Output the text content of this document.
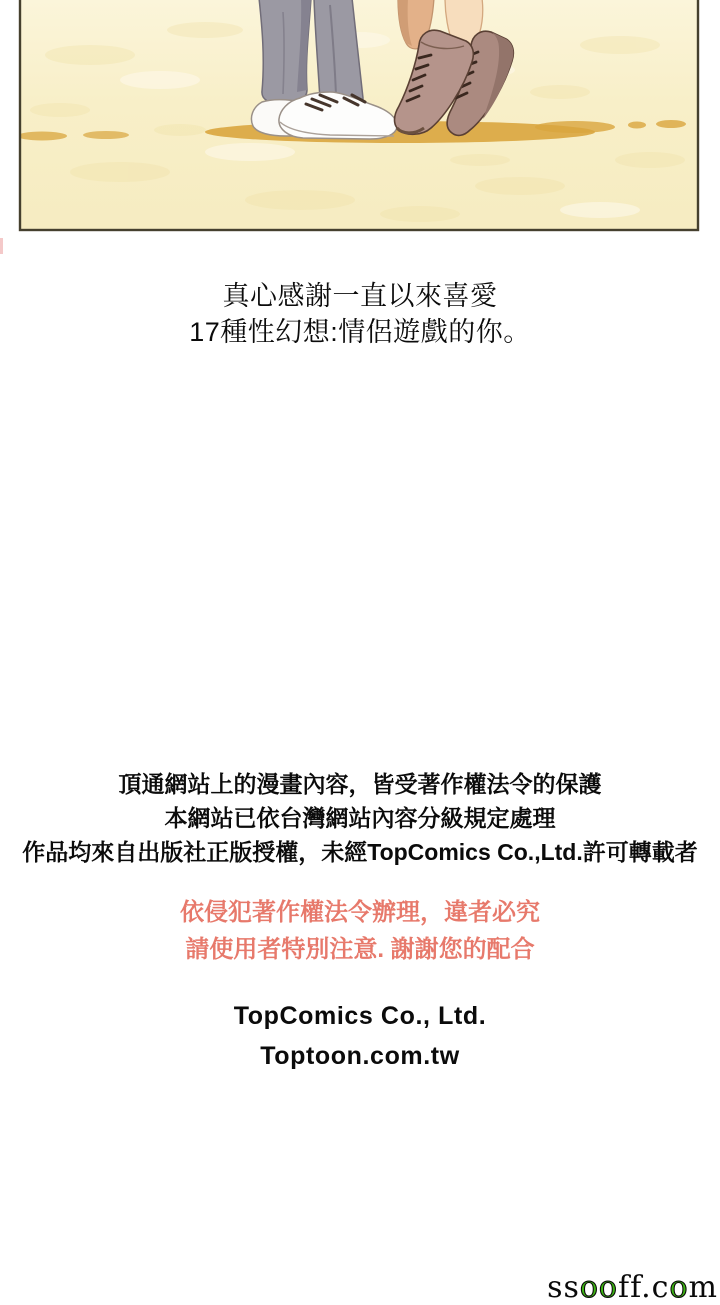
真心感謝一直以來喜愛
17種性幻想:情侶遊戲的你。
頂通網站上的漫畫內容，皆受著作權法令的保護
本網站已依台灣網站內容分級規定處理
作品均來自出版社正版授權，未經TopComics Co.,Ltd.許可轉載者
依侵犯著作權法令辦理，違者必究
請使用者特別注意. 謝謝您的配合
TopComics Co., Ltd.
Toptoon.com.tw
ssooff.com
